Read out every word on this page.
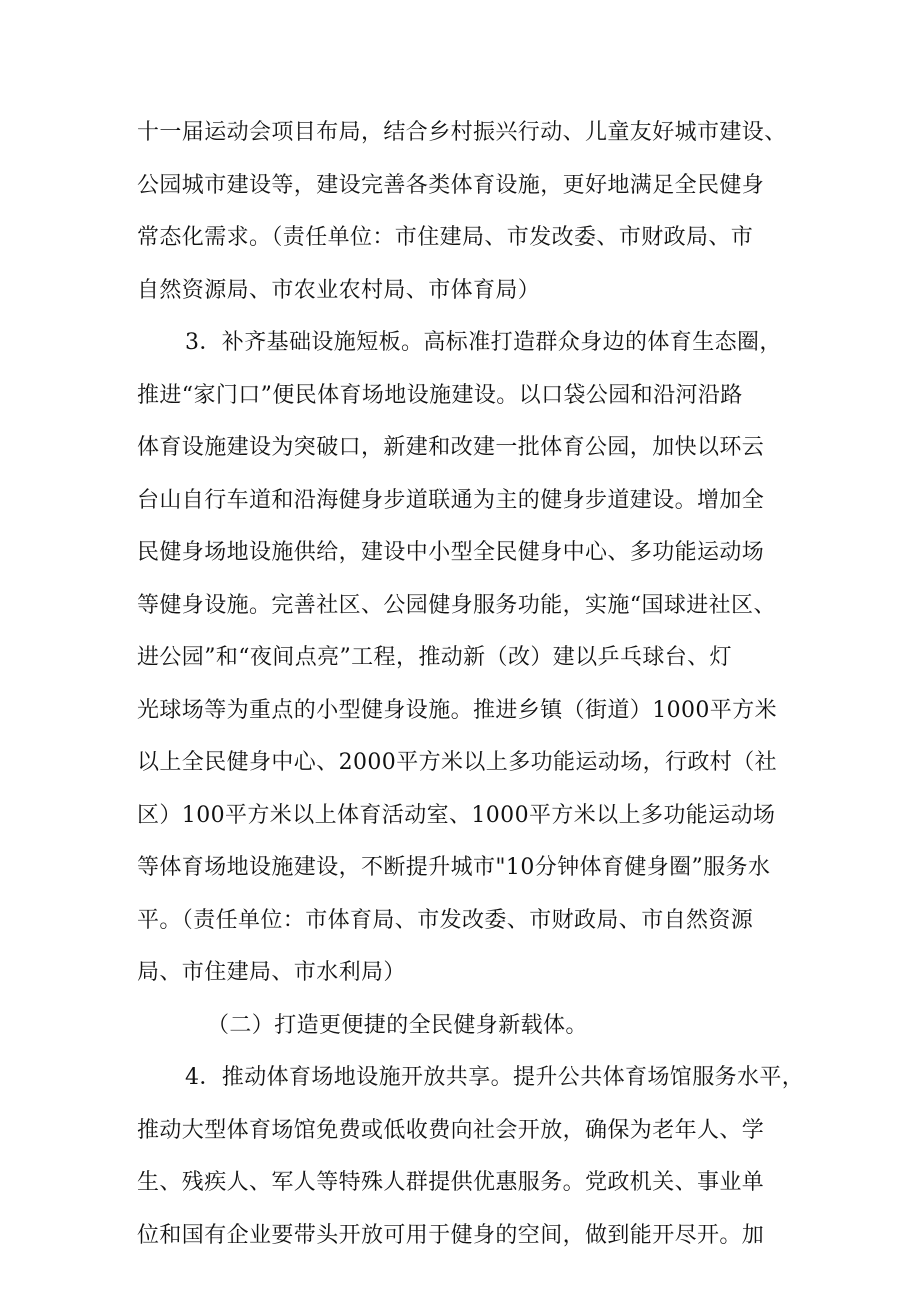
十一届运动会项目布局，结合乡村振兴行动、儿童友好城市建设、
公园城市建设等，建设完善各类体育设施，更好地满足全民健身
常态化需求。（责任单位：市住建局、市发改委、市财政局、市
自然资源局、市农业农村局、市体育局）
3．补齐基础设施短板。高标准打造群众身边的体育生态圈，
推进“家门口”便民体育场地设施建设。以口袋公园和沿河沿路
体育设施建设为突破口，新建和改建一批体育公园，加快以环云
台山自行车道和沿海健身步道联通为主的健身步道建设。增加全
民健身场地设施供给，建设中小型全民健身中心、多功能运动场
等健身设施。完善社区、公园健身服务功能，实施“国球进社区、
进公园”和“夜间点亮”工程，推动新（改）建以乒乓球台、灯
光球场等为重点的小型健身设施。推进乡镇（街道）1000平方米
以上全民健身中心、2000平方米以上多功能运动场，行政村（社
区）100平方米以上体育活动室、1000平方米以上多功能运动场
等体育场地设施建设，不断提升城市"10分钟体育健身圈”服务水
平。（责任单位：市体育局、市发改委、市财政局、市自然资源
局、市住建局、市水利局）
（二）打造更便捷的全民健身新载体。
4．推动体育场地设施开放共享。提升公共体育场馆服务水平，
推动大型体育场馆免费或低收费向社会开放，确保为老年人、学
生、残疾人、军人等特殊人群提供优惠服务。党政机关、事业单
位和国有企业要带头开放可用于健身的空间，做到能开尽开。加
